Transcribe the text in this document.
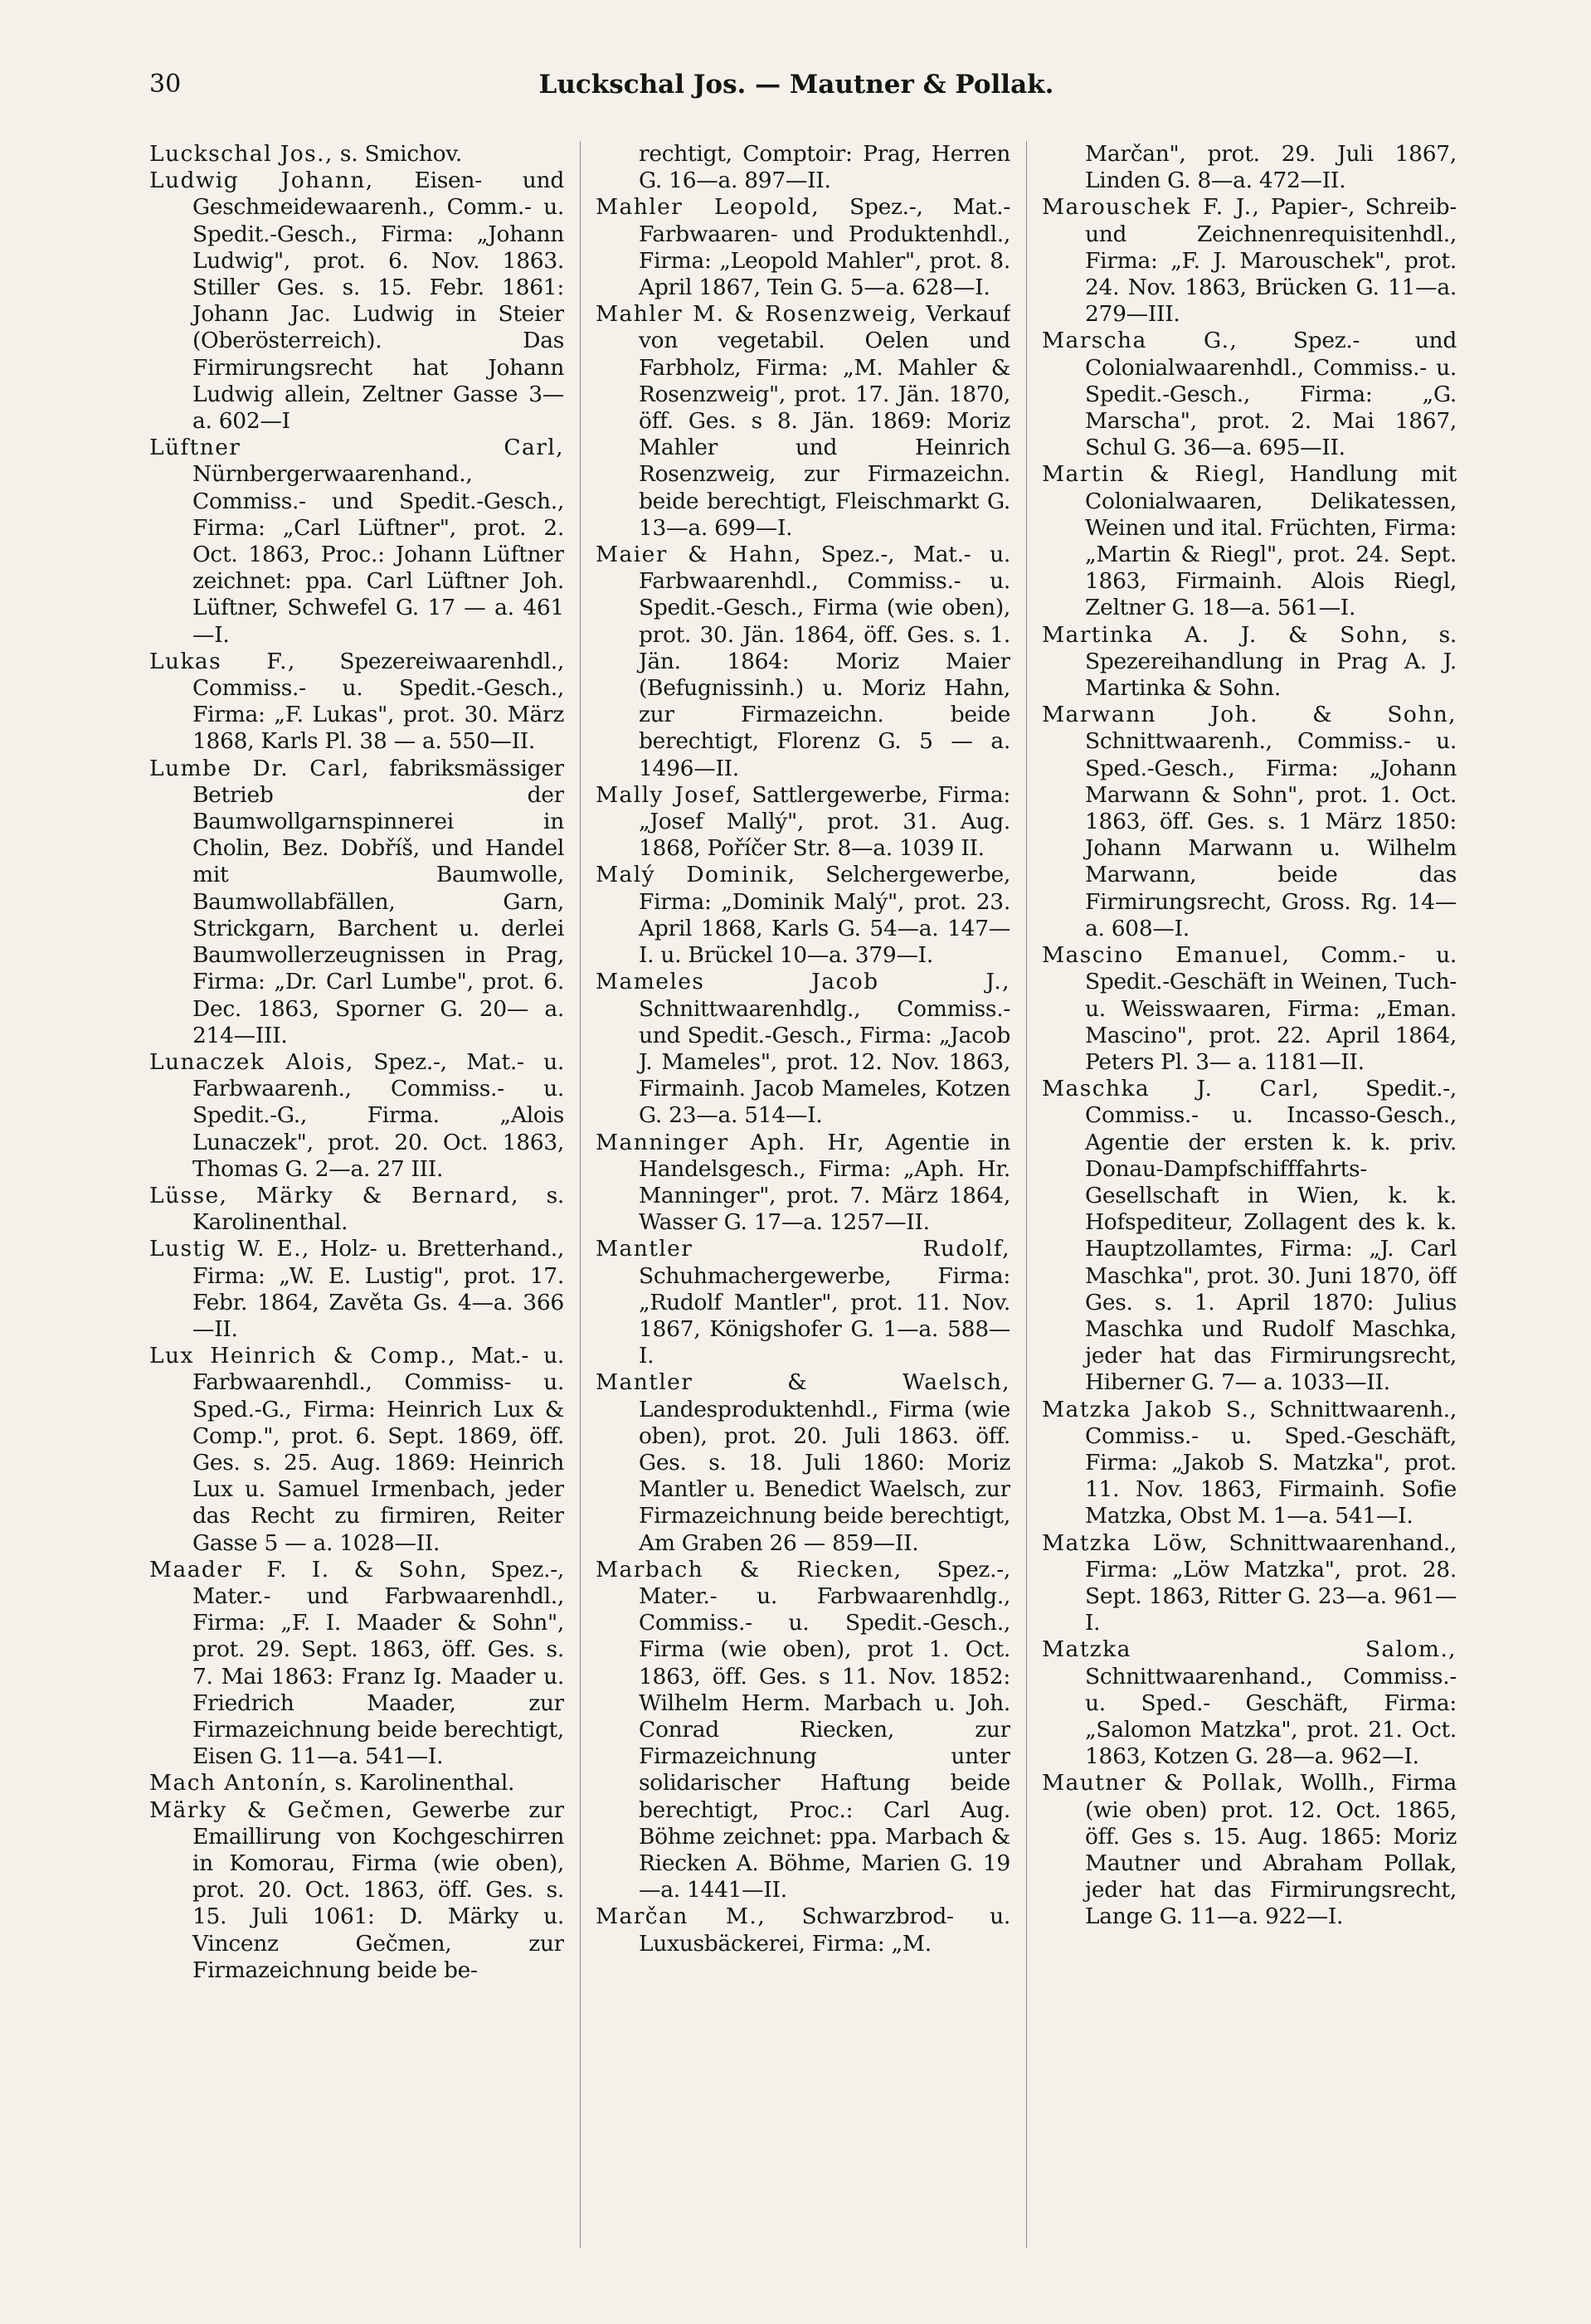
30	Luckschal Jos. — Mautner & Pollak.

Luckschal Jos., s. Smichov.

Ludwig Johann, Eisen- und Geschmeidewaarenh., Comm.- u. Spedit.-Gesch., Firma: „Johann Ludwig", prot. 6. Nov. 1863. Stiller Ges. s. 15. Febr. 1861: Johann Jac. Ludwig in Steier (Oberösterreich). Das Firmirungsrecht hat Johann Ludwig allein, Zeltner Gasse 3—a. 602—I

Lüftner Carl, Nürnbergerwaarenhand., Commiss.- und Spedit.-Gesch., Firma: „Carl Lüftner", prot. 2. Oct. 1863, Proc.: Johann Lüftner zeichnet: ppa. Carl Lüftner Joh. Lüftner, Schwefel G. 17 — a. 461—I.

Lukas F., Spezereiwaarenhdl., Commiss.- u. Spedit.-Gesch., Firma: „F. Lukas", prot. 30. März 1868, Karls Pl. 38 — a. 550—II.

Lumbe Dr. Carl, fabriksmässiger Betrieb der Baumwollgarnspinnerei in Cholin, Bez. Dobříš, und Handel mit Baumwolle, Baumwollabfällen, Garn, Strickgarn, Barchent u. derlei Baumwollerzeugnissen in Prag, Firma: „Dr. Carl Lumbe", prot. 6. Dec. 1863, Sporner G. 20— a. 214—III.

Lunaczek Alois, Spez.-, Mat.- u. Farbwaarenh., Commiss.- u. Spedit.-G., Firma. „Alois Lunaczek", prot. 20. Oct. 1863, Thomas G. 2—a. 27 III.

Lüsse, Märky & Bernard, s. Karolinenthal.

Lustig W. E., Holz- u. Bretterhand., Firma: „W. E. Lustig", prot. 17. Febr. 1864, Zavěta Gs. 4—a. 366—II.

Lux Heinrich & Comp., Mat.- u. Farbwaarenhdl., Commiss- u. Sped.-G., Firma: Heinrich Lux & Comp.", prot. 6. Sept. 1869, öff. Ges. s. 25. Aug. 1869: Heinrich Lux u. Samuel Irmenbach, jeder das Recht zu firmiren, Reiter Gasse 5 — a. 1028—II.

Maader F. I. & Sohn, Spez.-, Mater.- und Farbwaarenhdl., Firma: „F. I. Maader & Sohn", prot. 29. Sept. 1863, öff. Ges. s. 7. Mai 1863: Franz Ig. Maader u. Friedrich Maader, zur Firmazeichnung beide berechtigt, Eisen G. 11—a. 541—I.

Mach Antonín, s. Karolinenthal.

Märky & Gečmen, Gewerbe zur Emaillirung von Kochgeschirren in Komorau, Firma (wie oben), prot. 20. Oct. 1863, öff. Ges. s. 15. Juli 1061: D. Märky u. Vincenz Gečmen, zur Firmazeichnung beide be-

rechtigt, Comptoir: Prag, Herren G. 16—a. 897—II.

Mahler Leopold, Spez.-, Mat.- Farbwaaren- und Produktenhdl., Firma: „Leopold Mahler", prot. 8. April 1867, Tein G. 5—a. 628—I.

Mahler M. & Rosenzweig, Verkauf von vegetabil. Oelen und Farbholz, Firma: „M. Mahler & Rosenzweig", prot. 17. Jän. 1870, öff. Ges. s 8. Jän. 1869: Moriz Mahler und Heinrich Rosenzweig, zur Firmazeichn. beide berechtigt, Fleischmarkt G. 13—a. 699—I.

Maier & Hahn, Spez.-, Mat.- u. Farbwaarenhdl., Commiss.- u. Spedit.-Gesch., Firma (wie oben), prot. 30. Jän. 1864, öff. Ges. s. 1. Jän. 1864: Moriz Maier (Befugnissinh.) u. Moriz Hahn, zur Firmazeichn. beide berechtigt, Florenz G. 5 — a. 1496—II.

Mally Josef, Sattlergewerbe, Firma: „Josef Mallý", prot. 31. Aug. 1868, Poříčer Str. 8—a. 1039 II.

Malý Dominik, Selchergewerbe, Firma: „Dominik Malý", prot. 23. April 1868, Karls G. 54—a. 147—I. u. Brückel 10—a. 379—I.

Mameles Jacob J., Schnittwaarenhdlg., Commiss.- und Spedit.-Gesch., Firma: „Jacob J. Mameles", prot. 12. Nov. 1863, Firmainh. Jacob Mameles, Kotzen G. 23—a. 514—I.

Manninger Aph. Hr, Agentie in Handelsgesch., Firma: „Aph. Hr. Manninger", prot. 7. März 1864, Wasser G. 17—a. 1257—II.

Mantler Rudolf, Schuhmachergewerbe, Firma: „Rudolf Mantler", prot. 11. Nov. 1867, Königshofer G. 1—a. 588—I.

Mantler & Waelsch, Landesproduktenhdl., Firma (wie oben), prot. 20. Juli 1863. öff. Ges. s. 18. Juli 1860: Moriz Mantler u. Benedict Waelsch, zur Firmazeichnung beide berechtigt, Am Graben 26 — 859—II.

Marbach & Riecken, Spez.-, Mater.- u. Farbwaarenhdlg., Commiss.- u. Spedit.-Gesch., Firma (wie oben), prot 1. Oct. 1863, öff. Ges. s 11. Nov. 1852: Wilhelm Herm. Marbach u. Joh. Conrad Riecken, zur Firmazeichnung unter solidarischer Haftung beide berechtigt, Proc.: Carl Aug. Böhme zeichnet: ppa. Marbach & Riecken A. Böhme, Marien G. 19—a. 1441—II.

Marčan M., Schwarzbrod- u. Luxusbäckerei, Firma: „M.

Marčan", prot. 29. Juli 1867, Linden G. 8—a. 472—II.

Marouschek F. J., Papier-, Schreib- und Zeichnenrequisitenhdl., Firma: „F. J. Marouschek", prot. 24. Nov. 1863, Brücken G. 11—a. 279—III.

Marscha G., Spez.- und Colonialwaarenhdl., Commiss.- u. Spedit.-Gesch., Firma: „G. Marscha", prot. 2. Mai 1867, Schul G. 36—a. 695—II.

Martin & Riegl, Handlung mit Colonialwaaren, Delikatessen, Weinen und ital. Früchten, Firma: „Martin & Riegl", prot. 24. Sept. 1863, Firmainh. Alois Riegl, Zeltner G. 18—a. 561—I.

Martinka A. J. & Sohn, s. Spezereihandlung in Prag A. J. Martinka & Sohn.

Marwann Joh. & Sohn, Schnittwaarenh., Commiss.- u. Sped.-Gesch., Firma: „Johann Marwann & Sohn", prot. 1. Oct. 1863, öff. Ges. s. 1 März 1850: Johann Marwann u. Wilhelm Marwann, beide das Firmirungsrecht, Gross. Rg. 14— a. 608—I.

Mascino Emanuel, Comm.- u. Spedit.-Geschäft in Weinen, Tuch- u. Weisswaaren, Firma: „Eman. Mascino", prot. 22. April 1864, Peters Pl. 3— a. 1181—II.

Maschka J. Carl, Spedit.-, Commiss.- u. Incasso-Gesch., Agentie der ersten k. k. priv. Donau-Dampfschifffahrts-Gesellschaft in Wien, k. k. Hofspediteur, Zollagent des k. k. Hauptzollamtes, Firma: „J. Carl Maschka", prot. 30. Juni 1870, öff Ges. s. 1. April 1870: Julius Maschka und Rudolf Maschka, jeder hat das Firmirungsrecht, Hiberner G. 7— a. 1033—II.

Matzka Jakob S., Schnittwaarenh., Commiss.- u. Sped.-Geschäft, Firma: „Jakob S. Matzka", prot. 11. Nov. 1863, Firmainh. Sofie Matzka, Obst M. 1—a. 541—I.

Matzka Löw, Schnittwaarenhand., Firma: „Löw Matzka", prot. 28. Sept. 1863, Ritter G. 23—a. 961—I.

Matzka Salom., Schnittwaarenhand., Commiss.- u. Sped.- Geschäft, Firma: „Salomon Matzka", prot. 21. Oct. 1863, Kotzen G. 28—a. 962—I.

Mautner & Pollak, Wollh., Firma (wie oben) prot. 12. Oct. 1865, öff. Ges s. 15. Aug. 1865: Moriz Mautner und Abraham Pollak, jeder hat das Firmirungsrecht, Lange G. 11—a. 922—I.
